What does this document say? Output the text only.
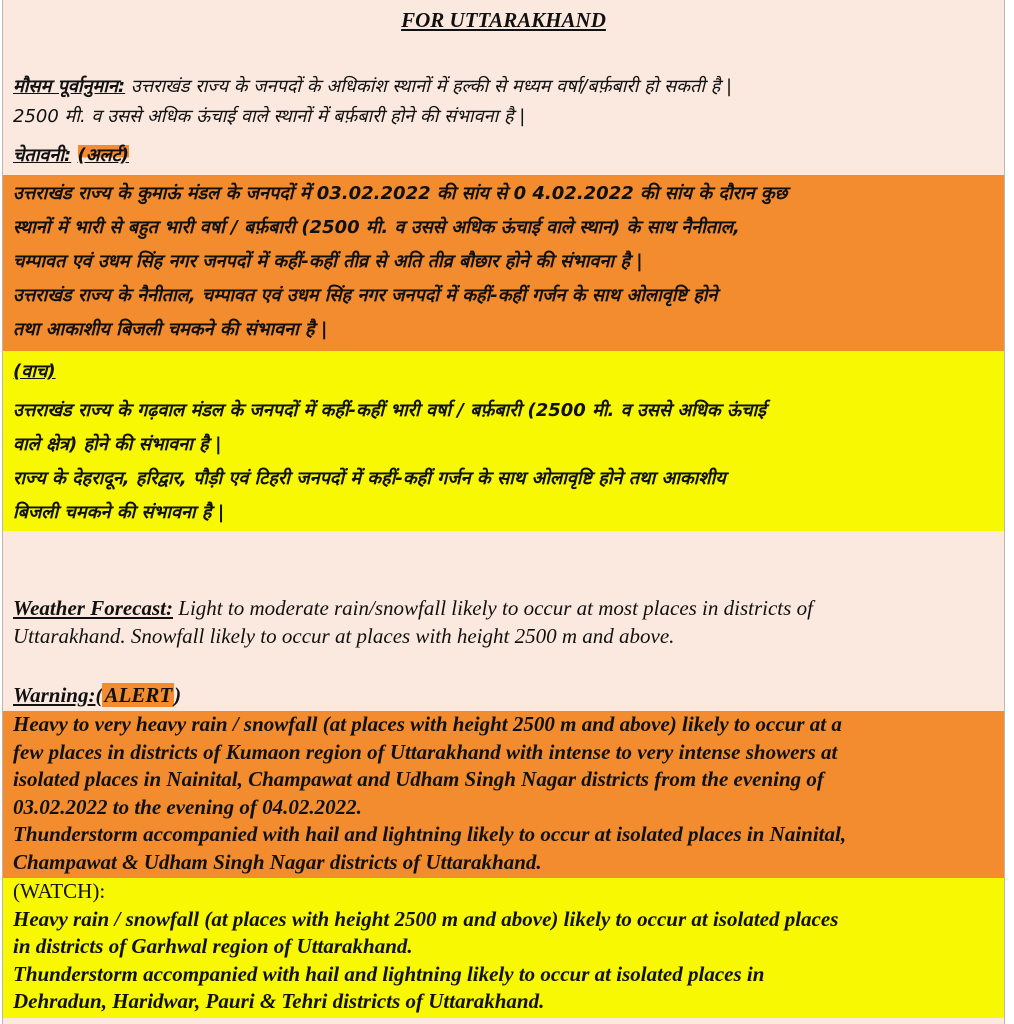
FOR UTTARAKHAND
मौसम पूर्वानुमान: उत्तराखंड राज्य के जनपदों के अधिकांश स्थानों में हल्की से मध्यम वर्षा/बर्फ़बारी हो सकती है |
2500 मी. व उससे अधिक ऊंचाई वाले स्थानों में बर्फ़बारी होने की संभावना है |
चेतावनी: (अलर्ट)
उत्तराखंड राज्य के कुमाऊं मंडल के जनपदों में 03.02.2022 की सांय से 0 4.02.2022 की सांय के दौरान कुछ
स्थानों में भारी से बहुत भारी वर्षा / बर्फ़बारी (2500 मी. व उससे अधिक ऊंचाई वाले स्थान) के साथ नैनीताल,
चम्पावत एवं उधम सिंह नगर जनपदों में कहीं-कहीं तीव्र से अति तीव्र बौछार होने की संभावना है |
उत्तराखंड राज्य के नैनीताल, चम्पावत एवं उधम सिंह नगर जनपदों में कहीं-कहीं गर्जन के साथ ओलावृष्टि होने
तथा आकाशीय बिजली चमकने की संभावना है |
(वाच)
उत्तराखंड राज्य के गढ़वाल मंडल के जनपदों में कहीं-कहीं भारी वर्षा / बर्फ़बारी (2500 मी. व उससे अधिक ऊंचाई
वाले क्षेत्र) होने की संभावना है |
राज्य के देहरादून, हरिद्वार, पौड़ी एवं टिहरी जनपदों में कहीं-कहीं गर्जन के साथ ओलावृष्टि होने तथा आकाशीय
बिजली चमकने की संभावना है |
Weather Forecast: Light to moderate rain/snowfall likely to occur at most places in districts of
Uttarakhand. Snowfall likely to occur at places with height 2500 m and above.
Warning:(ALERT)
Heavy to very heavy rain / snowfall (at places with height 2500 m and above) likely to occur at a
few places in districts of Kumaon region of Uttarakhand with intense to very intense showers at
isolated places in Nainital, Champawat and Udham Singh Nagar districts from the evening of
03.02.2022 to the evening of 04.02.2022.
Thunderstorm accompanied with hail and lightning likely to occur at isolated places in Nainital,
Champawat & Udham Singh Nagar districts of Uttarakhand.
(WATCH):
Heavy rain / snowfall (at places with height 2500 m and above) likely to occur at isolated places
in districts of Garhwal region of Uttarakhand.
Thunderstorm accompanied with hail and lightning likely to occur at isolated places in
Dehradun, Haridwar, Pauri & Tehri districts of Uttarakhand.
